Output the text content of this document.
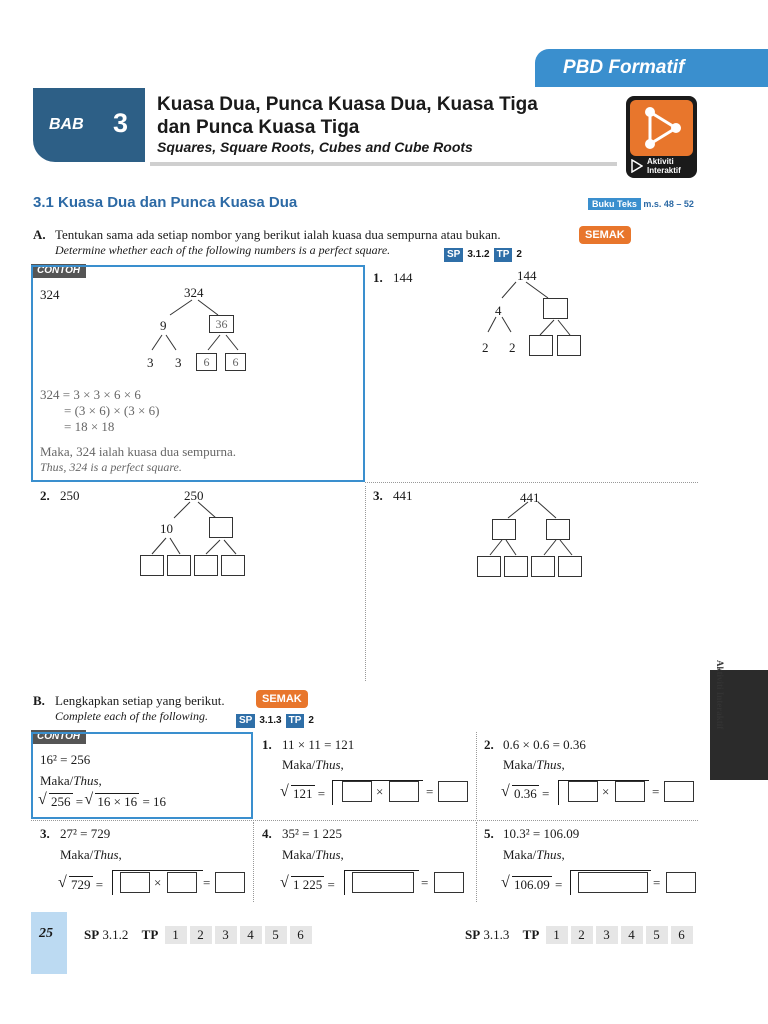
PBD Formatif
BAB 3
Kuasa Dua, Punca Kuasa Dua, Kuasa Tiga
dan Punca Kuasa Tiga
Squares, Square Roots, Cubes and Cube Roots
Aktiviti
Interaktif
Aktiviti Interaktif
3.1 Kuasa Dua dan Punca Kuasa Dua	Buku Teks m.s. 48 – 52
A. Tentukan sama ada setiap nombor yang berikut ialah kuasa dua sempurna atau bukan.	SEMAK
Determine whether each of the following numbers is a perfect square.	SP 3.1.2 TP 2
CONTOH
324	324
9	36
3 3	6	6
324 = 3 × 3 × 6 × 6
= (3 × 6) × (3 × 6)
= 18 × 18
Maka, 324 ialah kuasa dua sempurna.
Thus, 324 is a perfect square.
1. 144	144
4
2 2
2. 250	250
10
3. 441	441
B. Lengkapkan setiap yang berikut.	SEMAK
Complete each of the following.	SP 3.1.3 TP 2
CONTOH
16² = 256
Maka/Thus,
√ 256 = √ 16 × 16 = 16
1. 11 × 11 = 121
Maka/Thus,
√ 121 =	×	=
2. 0.6 × 0.6 = 0.36
Maka/Thus,
√ 0.36 =	×	=
3. 27² = 729
Maka/Thus,
√ 729 =	×	=
4. 35² = 1 225
Maka/Thus,
√ 1 225 =	=
5. 10.3² = 106.09
Maka/Thus,
√ 106.09 =	=
25 SP 3.1.2 TP 1 2 3 4 5 6	SP 3.1.3 TP 1 2 3 4 5 6
